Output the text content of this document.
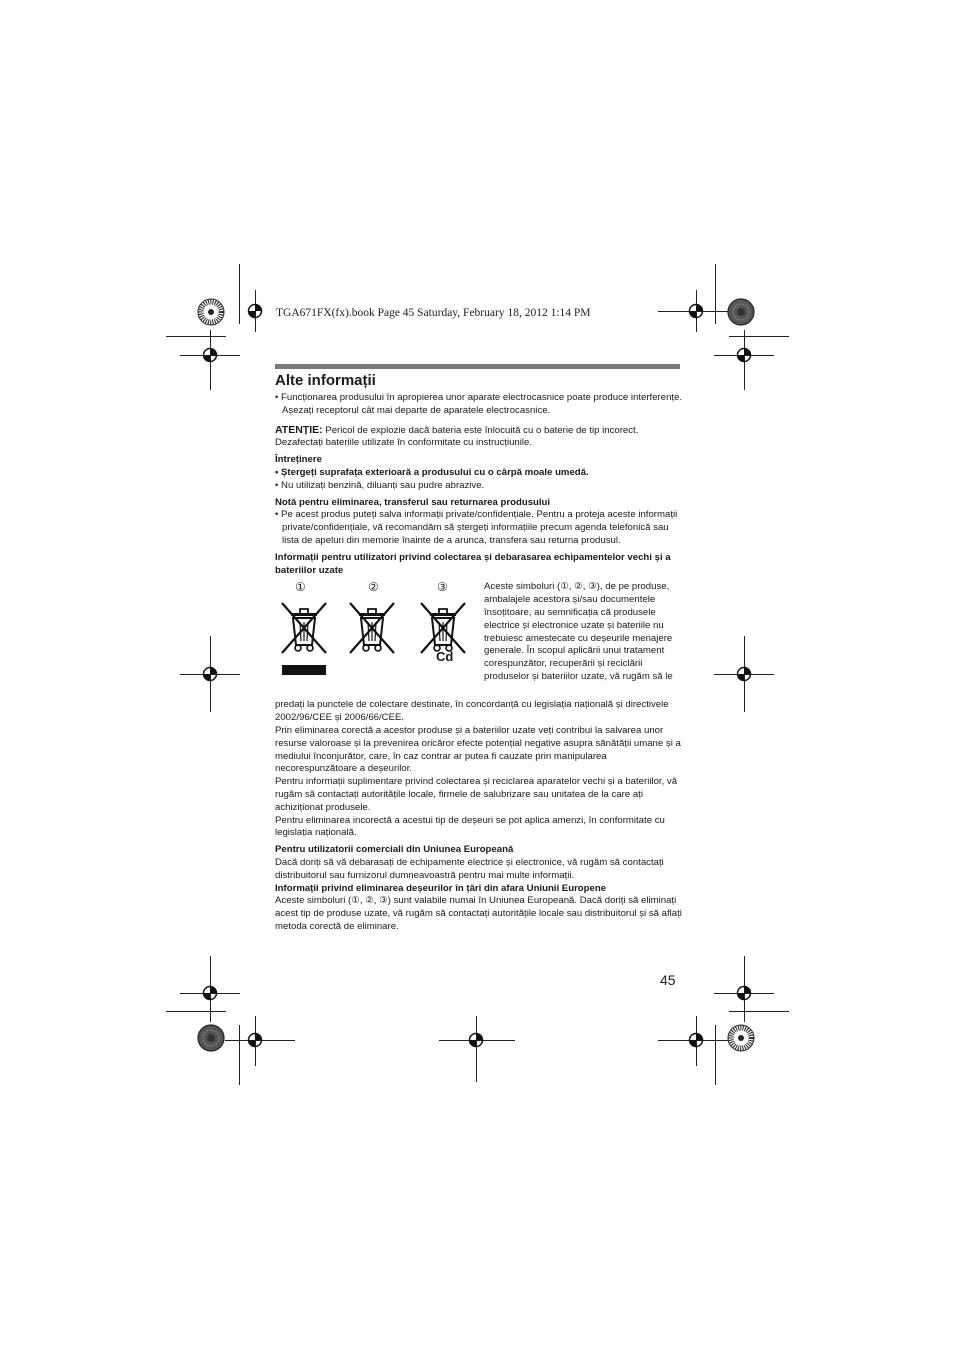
TGA671FX(fx).book Page 45 Saturday, February 18, 2012 1:14 PM
Alte informații

• Funcționarea produsului în apropierea unor aparate electrocasnice poate produce interferențe. Așezați receptorul cât mai departe de aparatele electrocasnice.

ATENȚIE: Pericol de explozie dacă bateria este înlocuită cu o baterie de tip incorect. Dezafectați bateriile utilizate în conformitate cu instrucțiunile.

Întreținere

• Ștergeți suprafața exterioară a produsului cu o cârpă moale umedă.

• Nu utilizați benzină, diluanți sau pudre abrazive.

Notă pentru eliminarea, transferul sau returnarea produsului

• Pe acest produs puteți salva informații private/confidențiale. Pentru a proteja aceste informații private/confidențiale, vă recomandăm să ștergeți informațiile precum agenda telefonică sau lista de apeluri din memorie înainte de a arunca, transfera sau returna produsul.

Informații pentru utilizatori privind colectarea și debarasarea echipamentelor vechi și a bateriilor uzate

①	②	③
Cd

Aceste simboluri (①, ②, ③), de pe produse, ambalajele acestora și/sau documentele însoțitoare, au semnificația că produsele electrice și electronice uzate și bateriile nu trebuiesc amestecate cu deșeurile menajere generale. În scopul aplicării unui tratament corespunzător, recuperării și reciclării produselor și bateriilor uzate, vă rugăm să le

predați la punctele de colectare destinate, în concordanță cu legislația națională și directivele 2002/96/CEE și 2006/66/CEE.

Prin eliminarea corectă a acestor produse și a bateriilor uzate veți contribui la salvarea unor resurse valoroase și la prevenirea oricăror efecte potențial negative asupra sănătății umane și a mediului înconjurător, care, în caz contrar ar putea fi cauzate prin manipularea necorespunzătoare a deșeurilor.

Pentru informații suplimentare privind colectarea și reciclarea aparatelor vechi și a bateriilor, vă rugăm să contactați autoritățile locale, firmele de salubrizare sau unitatea de la care ați achiziționat produsele.

Pentru eliminarea incorectă a acestui tip de deșeuri se pot aplica amenzi, în conformitate cu legislația națională.

Pentru utilizatorii comerciali din Uniunea Europeană

Dacă doriți să vă debarasați de echipamente electrice și electronice, vă rugăm să contactați distribuitorul sau furnizorul dumneavoastră pentru mai multe informații.

Informații privind eliminarea deșeurilor în țări din afara Uniunii Europene

Aceste simboluri (①, ②, ③) sunt valabile numai în Uniunea Europeană. Dacă doriți să eliminați acest tip de produse uzate, vă rugăm să contactați autoritățile locale sau distribuitorul și să aflați metoda corectă de eliminare.

45
